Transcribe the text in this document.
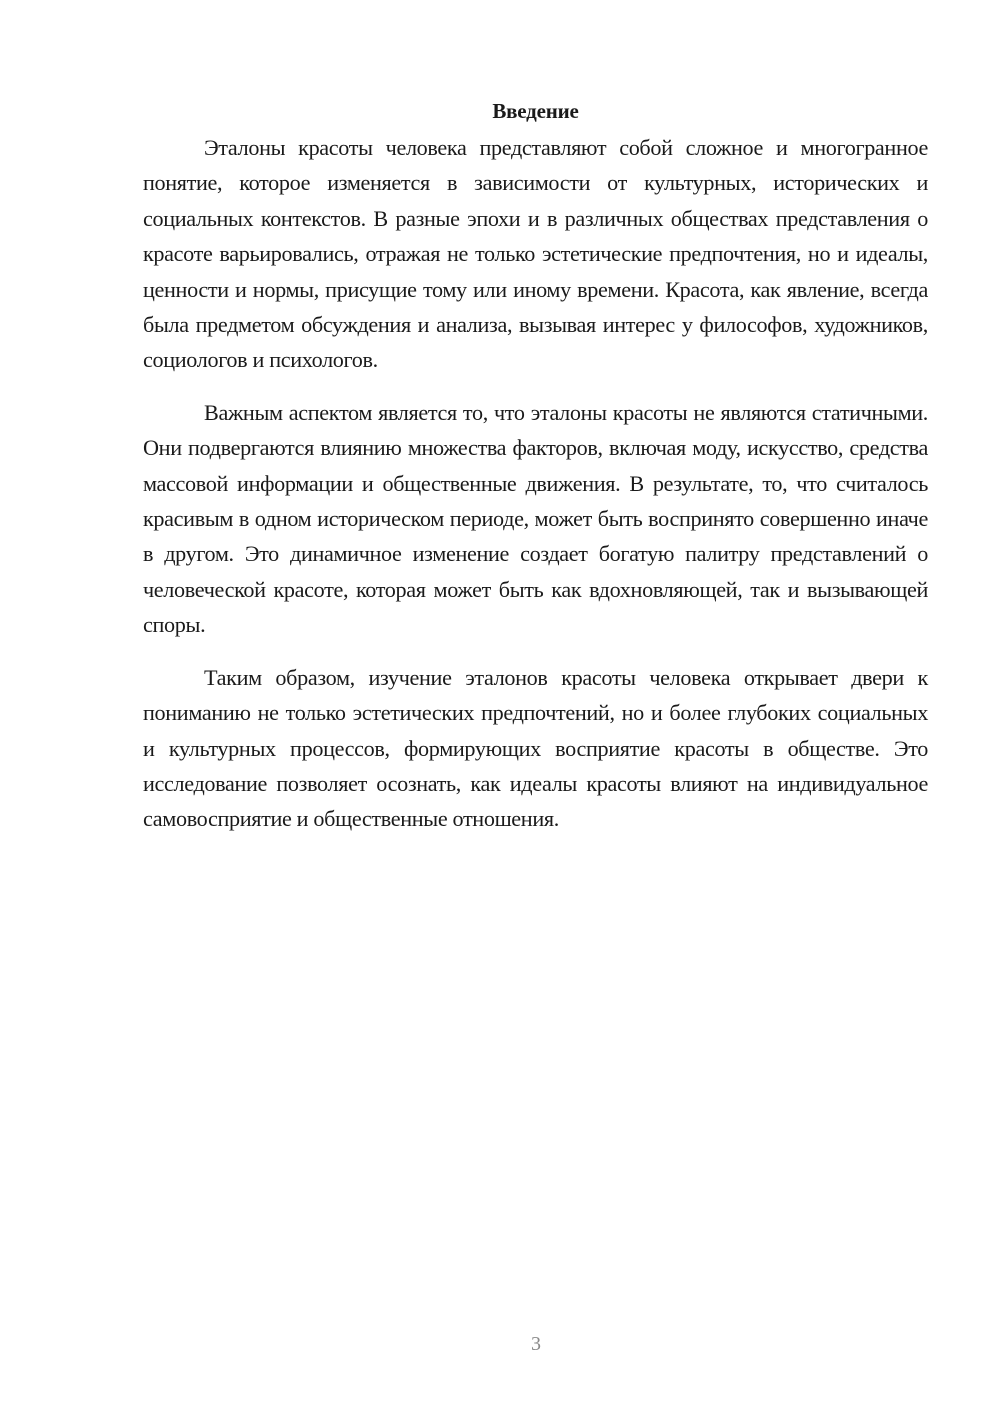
Введение

Эталоны красоты человека представляют собой сложное и многогранное понятие, которое изменяется в зависимости от культурных, исторических и социальных контекстов. В разные эпохи и в различных обществах представления о красоте варьировались, отражая не только эстетические предпочтения, но и идеалы, ценности и нормы, присущие тому или иному времени. Красота, как явление, всегда была предметом обсуждения и анализа, вызывая интерес у философов, художников, социологов и психологов.

Важным аспектом является то, что эталоны красоты не являются статичными. Они подвергаются влиянию множества факторов, включая моду, искусство, средства массовой информации и общественные движения. В результате, то, что считалось красивым в одном историческом периоде, может быть воспринято совершенно иначе в другом. Это динамичное изменение создает богатую палитру представлений о человеческой красоте, которая может быть как вдохновляющей, так и вызывающей споры.

Таким образом, изучение эталонов красоты человека открывает двери к пониманию не только эстетических предпочтений, но и более глубоких социальных и культурных процессов, формирующих восприятие красоты в обществе. Это исследование позволяет осознать, как идеалы красоты влияют на индивидуальное самовосприятие и общественные отношения.

3
